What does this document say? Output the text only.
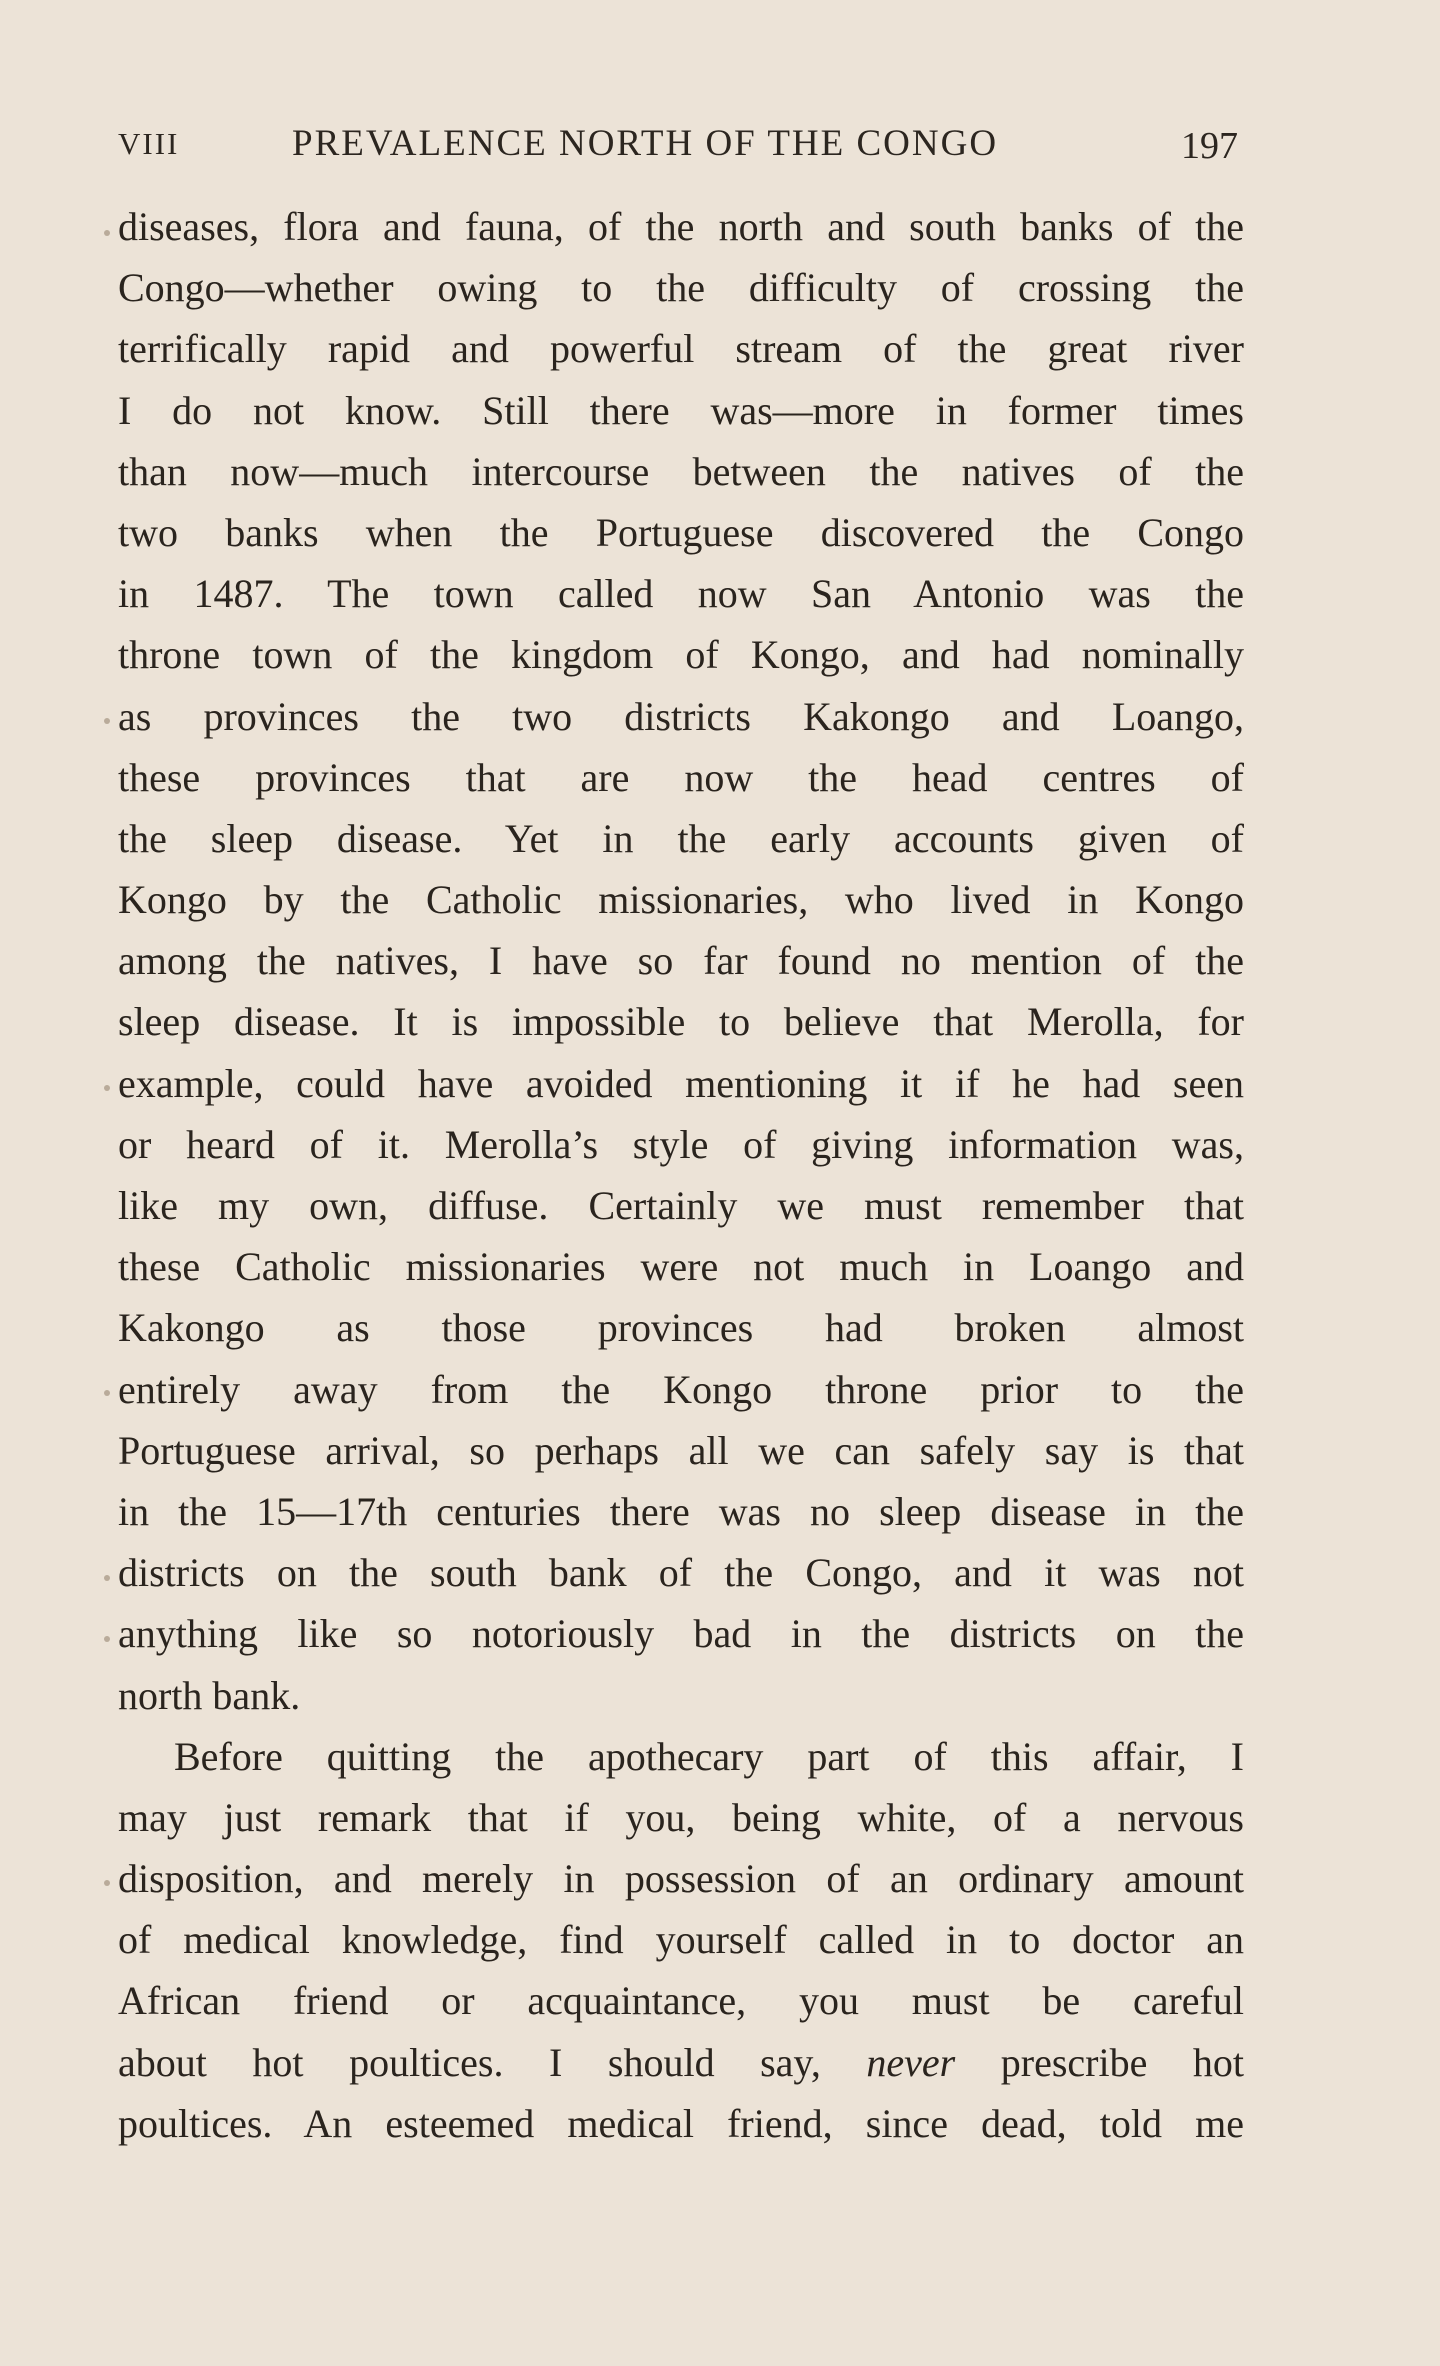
VIII	PREVALENCE NORTH OF THE CONGO	197
diseases, flora and fauna, of the north and south banks of the
Congo—whether owing to the difficulty of crossing the
terrifically rapid and powerful stream of the great river
I do not know. Still there was—more in former times
than now—much intercourse between the natives of the
two banks when the Portuguese discovered the Congo
in 1487. The town called now San Antonio was the
throne town of the kingdom of Kongo, and had nominally
as provinces the two districts Kakongo and Loango,
these provinces that are now the head centres of
the sleep disease. Yet in the early accounts given of
Kongo by the Catholic missionaries, who lived in Kongo
among the natives, I have so far found no mention of the
sleep disease. It is impossible to believe that Merolla, for
example, could have avoided mentioning it if he had seen
or heard of it. Merolla’s style of giving information was,
like my own, diffuse. Certainly we must remember that
these Catholic missionaries were not much in Loango and
Kakongo as those provinces had broken almost
entirely away from the Kongo throne prior to the
Portuguese arrival, so perhaps all we can safely say is that
in the 15—17th centuries there was no sleep disease in the
districts on the south bank of the Congo, and it was not
anything like so notoriously bad in the districts on the
north bank.
Before quitting the apothecary part of this affair, I
may just remark that if you, being white, of a nervous
disposition, and merely in possession of an ordinary amount
of medical knowledge, find yourself called in to doctor an
African friend or acquaintance, you must be careful
about hot poultices. I should say, never prescribe hot
poultices. An esteemed medical friend, since dead, told me
